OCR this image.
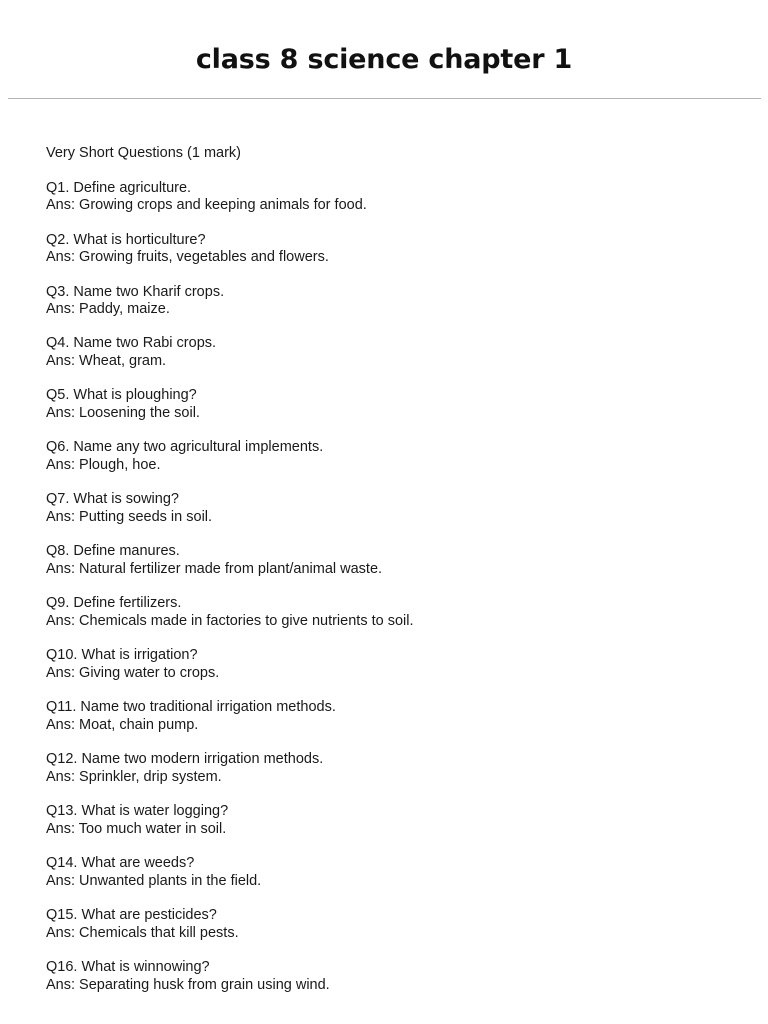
class 8 science chapter 1
Very Short Questions (1 mark)
Q1. Define agriculture.
Ans: Growing crops and keeping animals for food.
Q2. What is horticulture?
Ans: Growing fruits, vegetables and flowers.
Q3. Name two Kharif crops.
Ans: Paddy, maize.
Q4. Name two Rabi crops.
Ans: Wheat, gram.
Q5. What is ploughing?
Ans: Loosening the soil.
Q6. Name any two agricultural implements.
Ans: Plough, hoe.
Q7. What is sowing?
Ans: Putting seeds in soil.
Q8. Define manures.
Ans: Natural fertilizer made from plant/animal waste.
Q9. Define fertilizers.
Ans: Chemicals made in factories to give nutrients to soil.
Q10. What is irrigation?
Ans: Giving water to crops.
Q11. Name two traditional irrigation methods.
Ans: Moat, chain pump.
Q12. Name two modern irrigation methods.
Ans: Sprinkler, drip system.
Q13. What is water logging?
Ans: Too much water in soil.
Q14. What are weeds?
Ans: Unwanted plants in the field.
Q15. What are pesticides?
Ans: Chemicals that kill pests.
Q16. What is winnowing?
Ans: Separating husk from grain using wind.
